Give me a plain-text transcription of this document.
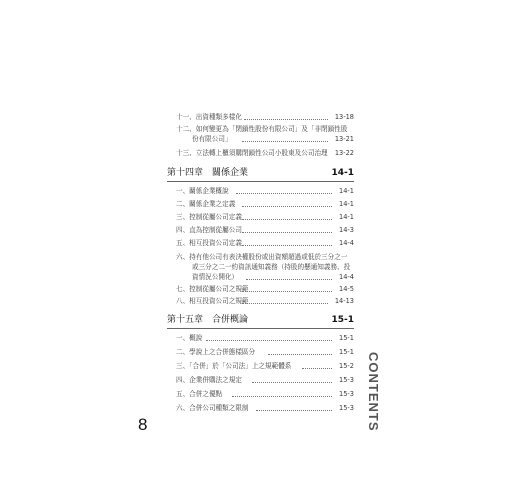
十一、出資種類多樣化	13-18
十二、如何變更為「閉鎖性股份有限公司」及「非閉鎖性股份有限公司」	13-21
十三、立法轉上櫃須購閉鎖性公司小股東及公司治理	13-22
第十四章　關係企業	14-1
一、關係企業概說	14-1
二、關係企業之定義	14-1
三、控制從屬公司定義	14-1
四、直為控制從屬公司	14-3
五、相互投資公司定義	14-4
六、持有他公司有表決權股份或出資額超過或低於三分之一或三分之二一約資訊通知義務（持股的懸通知義務、投資情況公開化）	14-4
七、控制從屬公司之規範	14-5
八、相互投資公司之規範	14-13
第十五章　合併概論	15-1
一、概說	15-1
二、學說上之合併態樣區分	15-1
三、「合併」於「公司法」上之規範體系	15-2
四、企業併購法之規定	15-3
五、合併之優點	15-3
六、合併公司種類之限制	15-3 CONTENTS
8
